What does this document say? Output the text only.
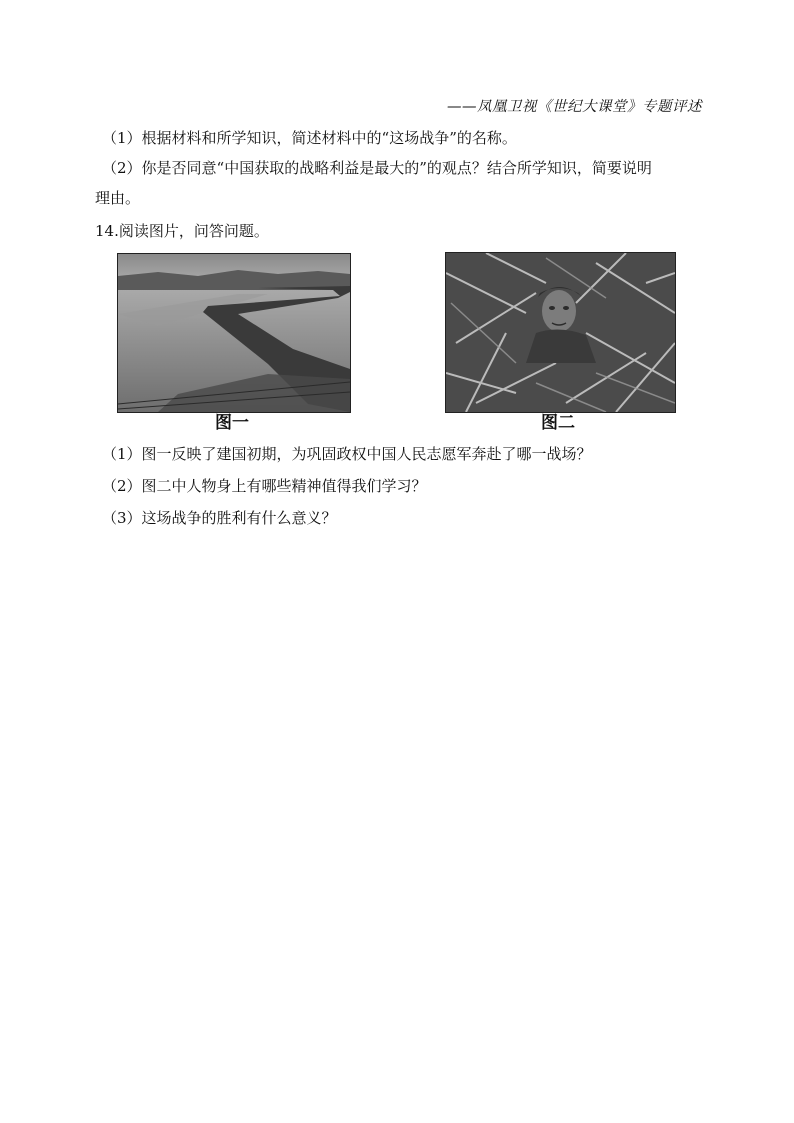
——凤凰卫视《世纪大课堂》专题评述
（1）根据材料和所学知识，简述材料中的“这场战争”的名称。
（2）你是否同意“中国获取的战略利益是最大的”的观点？结合所学知识，简要说明
理由。
14.阅读图片，问答问题。
图一	图二
（1）图一反映了建国初期，为巩固政权中国人民志愿军奔赴了哪一战场？
（2）图二中人物身上有哪些精神值得我们学习？
（3）这场战争的胜利有什么意义？
